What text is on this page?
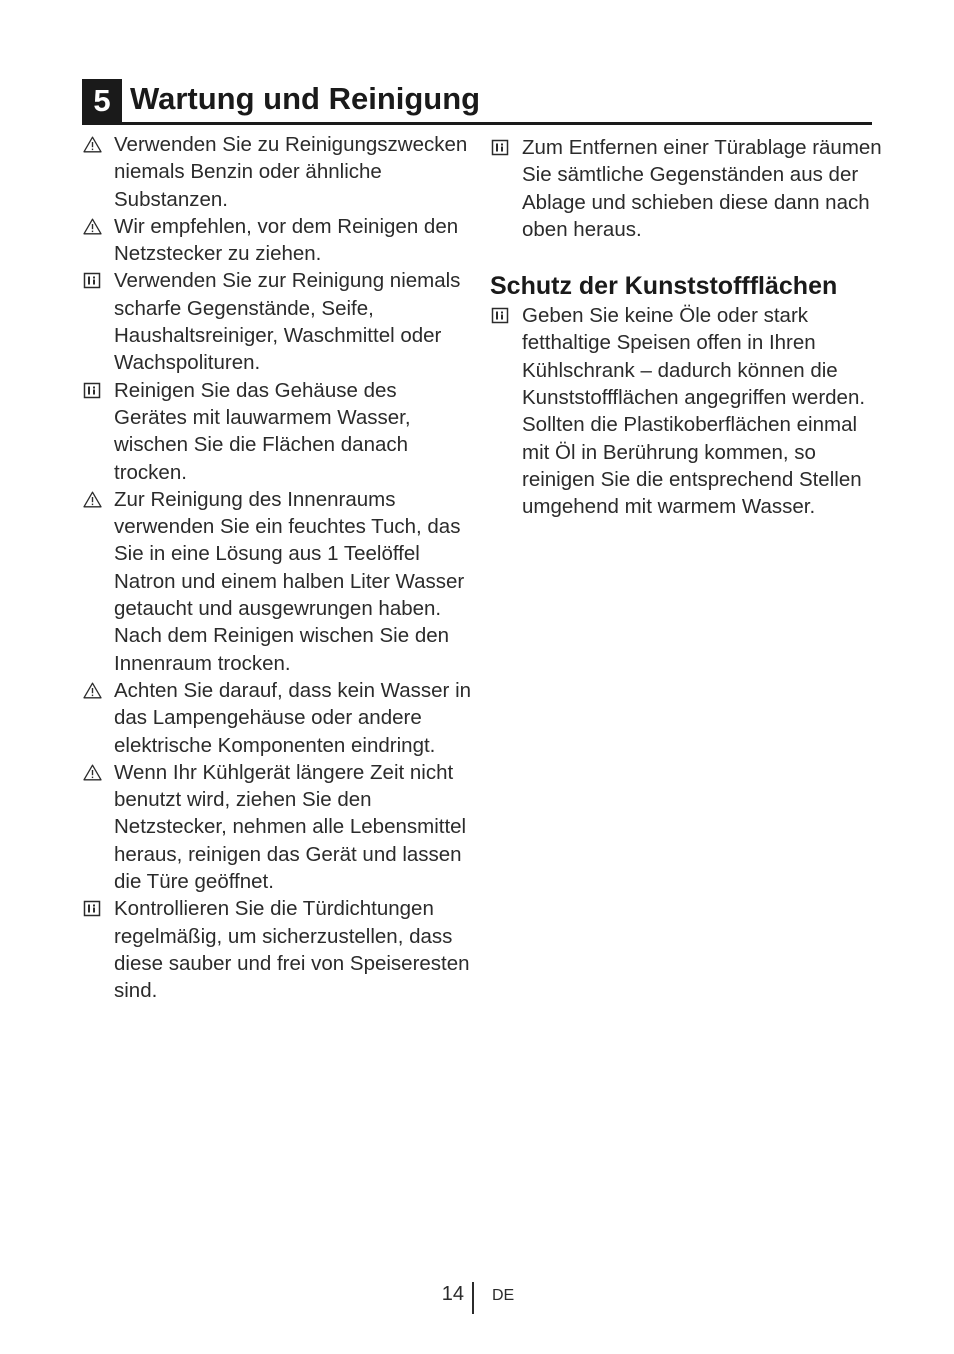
5 Wartung und Reinigung
Verwenden Sie zu Reinigungszwecken niemals Benzin oder ähnliche Substanzen.
Wir empfehlen, vor dem Reinigen den Netzstecker zu ziehen.
Verwenden Sie zur Reinigung niemals scharfe Gegenstände, Seife, Haushaltsreiniger, Waschmittel oder Wachspolituren.
Reinigen Sie das Gehäuse des Gerätes mit lauwarmem Wasser, wischen Sie die Flächen danach trocken.
Zur Reinigung des Innenraums verwenden Sie ein feuchtes Tuch, das Sie in eine Lösung aus 1 Teelöffel Natron und einem halben Liter Wasser getaucht und ausgewrungen haben. Nach dem Reinigen wischen Sie den Innenraum trocken.
Achten Sie darauf, dass kein Wasser in das Lampengehäuse oder andere elektrische Komponenten eindringt.
Wenn Ihr Kühlgerät längere Zeit nicht benutzt wird, ziehen Sie den Netzstecker, nehmen alle Lebensmittel heraus, reinigen das Gerät und lassen die Türe geöffnet.
Kontrollieren Sie die Türdichtungen regelmäßig, um sicherzustellen, dass diese sauber und frei von Speiseresten sind.
Zum Entfernen einer Türablage räumen Sie sämtliche Gegenständen aus der Ablage und schieben diese dann nach oben heraus.
Schutz der Kunststoffflächen
Geben Sie keine Öle oder stark fetthaltige Speisen offen in Ihren Kühlschrank – dadurch können die Kunststoffflächen angegriffen werden. Sollten die Plastikoberflächen einmal mit Öl in Berührung kommen, so reinigen Sie die entsprechend Stellen umgehend mit warmem Wasser.
14 DE
